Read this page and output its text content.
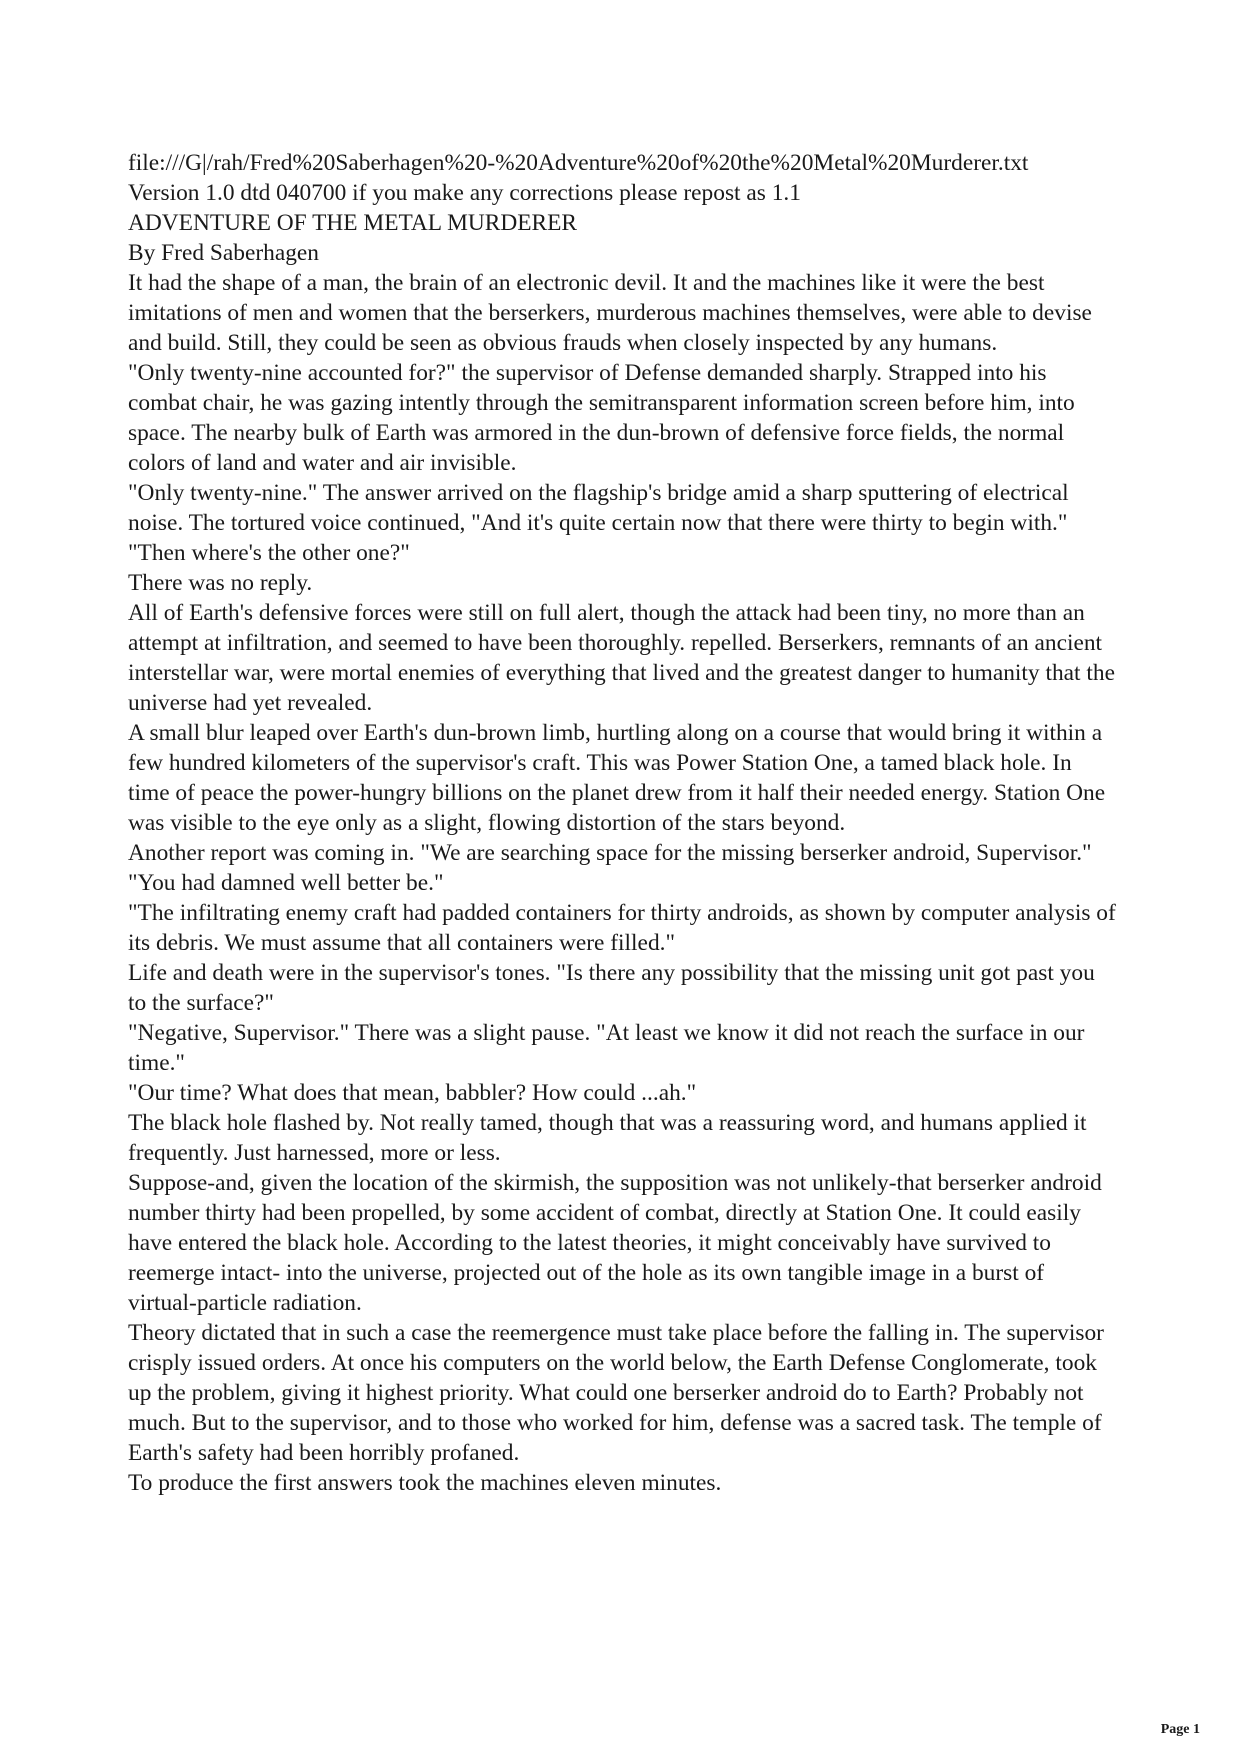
file:///G|/rah/Fred%20Saberhagen%20-%20Adventure%20of%20the%20Metal%20Murderer.txt

Version 1.0 dtd 040700 if you make any corrections please repost as 1.1

ADVENTURE OF THE METAL MURDERER

By Fred Saberhagen

It had the shape of a man, the brain of an electronic devil. It and the machines like it were the best imitations of men and women that the berserkers, murderous machines themselves, were able to devise and build. Still, they could be seen as obvious frauds when closely inspected by any humans.

"Only twenty-nine accounted for?" the supervisor of Defense demanded sharply. Strapped into his combat chair, he was gazing intently through the semitransparent information screen before him, into space. The nearby bulk of Earth was armored in the dun-brown of defensive force fields, the normal colors of land and water and air invisible.

"Only twenty-nine." The answer arrived on the flagship's bridge amid a sharp sputtering of electrical noise. The tortured voice continued, "And it's quite certain now that there were thirty to begin with."

"Then where's the other one?"

There was no reply.

All of Earth's defensive forces were still on full alert, though the attack had been tiny, no more than an attempt at infiltration, and seemed to have been thoroughly. repelled. Berserkers, remnants of an ancient interstellar war, were mortal enemies of everything that lived and the greatest danger to humanity that the universe had yet revealed.

A small blur leaped over Earth's dun-brown limb, hurtling along on a course that would bring it within a few hundred kilometers of the supervisor's craft. This was Power Station One, a tamed black hole. In time of peace the power-hungry billions on the planet drew from it half their needed energy. Station One was visible to the eye only as a slight, flowing distortion of the stars beyond.

Another report was coming in. "We are searching space for the missing berserker android, Supervisor."

"You had damned well better be."

"The infiltrating enemy craft had padded containers for thirty androids, as shown by computer analysis of its debris. We must assume that all containers were filled."

Life and death were in the supervisor's tones. "Is there any possibility that the missing unit got past you to the surface?"

"Negative, Supervisor." There was a slight pause. "At least we know it did not reach the surface in our time."

"Our time? What does that mean, babbler? How could ...ah."

The black hole flashed by. Not really tamed, though that was a reassuring word, and humans applied it frequently. Just harnessed, more or less.

Suppose-and, given the location of the skirmish, the supposition was not unlikely-that berserker android number thirty had been propelled, by some accident of combat, directly at Station One. It could easily have entered the black hole. According to the latest theories, it might conceivably have survived to reemerge intact- into the universe, projected out of the hole as its own tangible image in a burst of virtual-particle radiation.

Theory dictated that in such a case the reemergence must take place before the falling in. The supervisor crisply issued orders. At once his computers on the world below, the Earth Defense Conglomerate, took up the problem, giving it highest priority. What could one berserker android do to Earth? Probably not much. But to the supervisor, and to those who worked for him, defense was a sacred task. The temple of Earth's safety had been horribly profaned.

To produce the first answers took the machines eleven minutes.

Page 1
